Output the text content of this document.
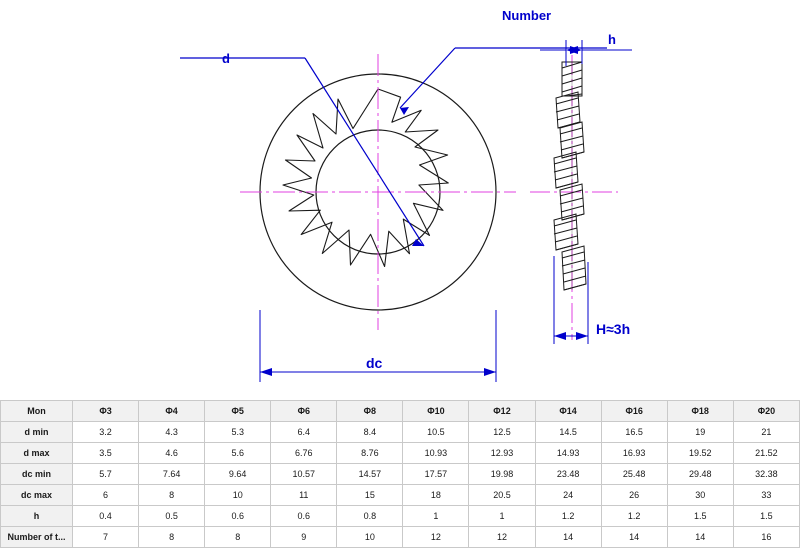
Number
d
dc
h
H≈3h
Mon	Φ3	Φ4	Φ5	Φ6	Φ8	Φ10	Φ12	Φ14	Φ16	Φ18	Φ20
d min	3.2	4.3	5.3	6.4	8.4	10.5	12.5	14.5	16.5	19	21
d max	3.5	4.6	5.6	6.76	8.76	10.93	12.93	14.93	16.93	19.52	21.52
dc min	5.7	7.64	9.64	10.57	14.57	17.57	19.98	23.48	25.48	29.48	32.38
dc max	6	8	10	11	15	18	20.5	24	26	30	33
h	0.4	0.5	0.6	0.6	0.8	1	1	1.2	1.2	1.5	1.5
Number of t...	7	8	8	9	10	12	12	14	14	14	16
